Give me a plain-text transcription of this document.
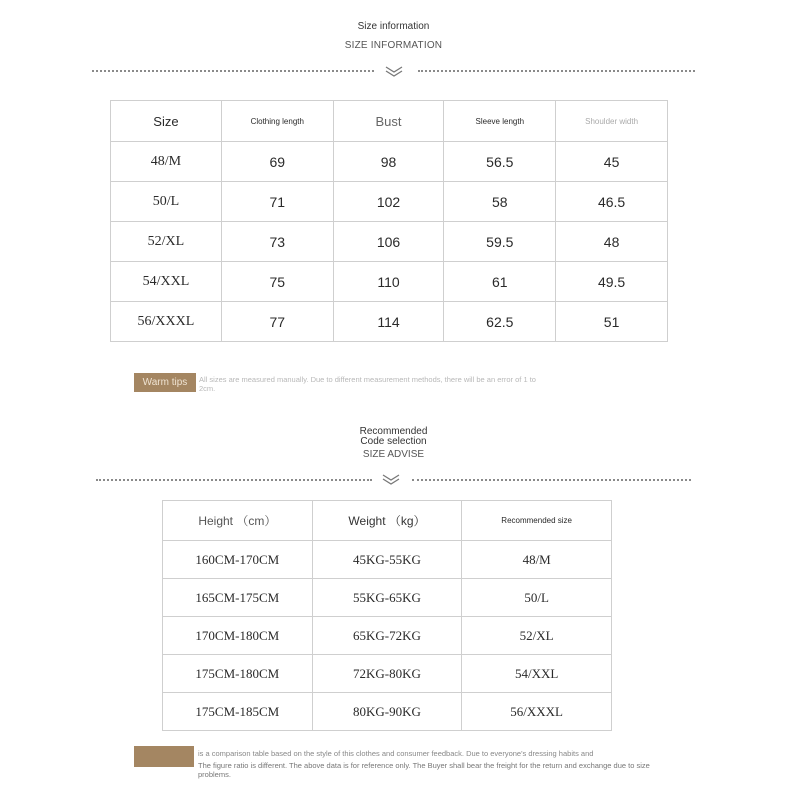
Size information
SIZE INFORMATION
Size	Clothing length	Bust	Sleeve length	Shoulder width
48/M	69	98	56.5	45
50/L	71	102	58	46.5
52/XL	73	106	59.5	48
54/XXL	75	110	61	49.5
56/XXXL	77	114	62.5	51
Warm tips	All sizes are measured manually. Due to different measurement methods, there will be an error of 1 to 2cm.
Recommended
Code selection
SIZE ADVISE
Height （cm）	Weight （kg）	Recommended size
160CM-170CM	45KG-55KG	48/M
165CM-175CM	55KG-65KG	50/L
170CM-180CM	65KG-72KG	52/XL
175CM-180CM	72KG-80KG	54/XXL
175CM-185CM	80KG-90KG	56/XXXL
is a comparison table based on the style of this clothes and consumer feedback. Due to everyone's dressing habits and
The figure ratio is different. The above data is for reference only. The Buyer shall bear the freight for the return and exchange due to size problems.
